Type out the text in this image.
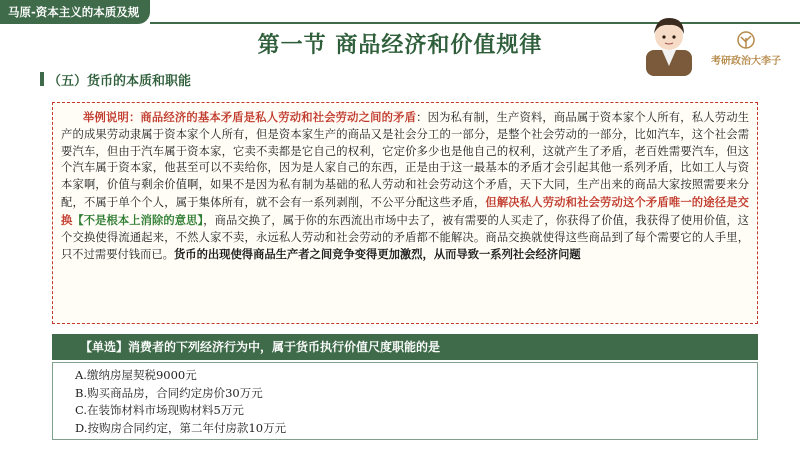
马原-资本主义的本质及规律	第一节 商品经济和价值规律
（五）货币的本质和职能
考研政治大李子
举例说明：商品经济的基本矛盾是私人劳动和社会劳动之间的矛盾：因为私有制，生产资料，商品属于资本家个人所有，私人劳动生产的成果劳动隶属于资本家个人所有，但是资本家生产的商品又是社会分工的一部分，是整个社会劳动的一部分，比如汽车，这个社会需要汽车，但由于汽车属于资本家，它卖不卖都是它自己的权利，它定价多少也是他自己的权利，这就产生了矛盾，老百姓需要汽车，但这个汽车属于资本家，他甚至可以不卖给你，因为是人家自己的东西，正是由于这一最基本的矛盾才会引起其他一系列矛盾，比如工人与资本家啊，价值与剩余价值啊，如果不是因为私有制为基础的私人劳动和社会劳动这个矛盾，天下大同，生产出来的商品大家按照需要来分配，不属于单个个人，属于集体所有，就不会有一系列剥削，不公平分配这些矛盾，但解决私人劳动和社会劳动这个矛盾唯一的途径是交换【不是根本上消除的意思】，商品交换了，属于你的东西流出市场中去了，被有需要的人买走了，你获得了价值，我获得了使用价值，这个交换使得流通起来，不然人家不卖，永远私人劳动和社会劳动的矛盾都不能解决。商品交换就使得这些商品到了每个需要它的人手里，只不过需要付钱而已。货币的出现使得商品生产者之间竞争变得更加激烈，从而导致一系列社会经济问题
【单选】消费者的下列经济行为中，属于货币执行价值尺度职能的是
A.缴纳房屋契税9000元
B.购买商品房，合同约定房价30万元
C.在装饰材料市场现购材料5万元
D.按购房合同约定，第二年付房款10万元
